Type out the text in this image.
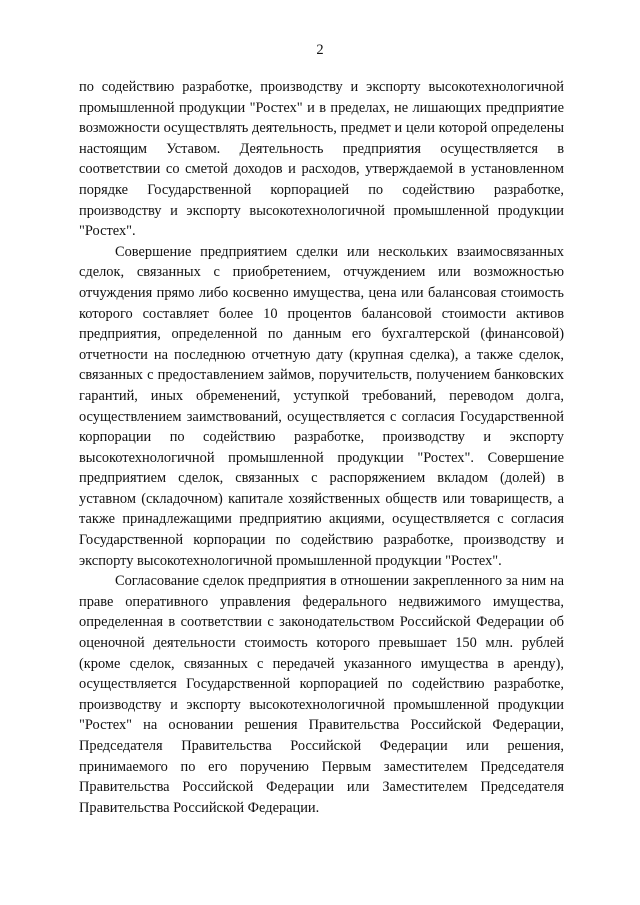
2

по содействию разработке, производству и экспорту высокотехнологичной промышленной продукции "Ростех" и в пределах, не лишающих предприятие возможности осуществлять деятельность, предмет и цели которой определены настоящим Уставом. Деятельность предприятия осуществляется в соответствии со сметой доходов и расходов, утверждаемой в установленном порядке Государственной корпорацией по содействию разработке, производству и экспорту высокотехнологичной промышленной продукции "Ростех".

Совершение предприятием сделки или нескольких взаимосвязанных сделок, связанных с приобретением, отчуждением или возможностью отчуждения прямо либо косвенно имущества, цена или балансовая стоимость которого составляет более 10 процентов балансовой стоимости активов предприятия, определенной по данным его бухгалтерской (финансовой) отчетности на последнюю отчетную дату (крупная сделка), а также сделок, связанных с предоставлением займов, поручительств, получением банковских гарантий, иных обременений, уступкой требований, переводом долга, осуществлением заимствований, осуществляется с согласия Государственной корпорации по содействию разработке, производству и экспорту высокотехнологичной промышленной продукции "Ростех". Совершение предприятием сделок, связанных с распоряжением вкладом (долей) в уставном (складочном) капитале хозяйственных обществ или товариществ, а также принадлежащими предприятию акциями, осуществляется с согласия Государственной корпорации по содействию разработке, производству и экспорту высокотехнологичной промышленной продукции "Ростех".

Согласование сделок предприятия в отношении закрепленного за ним на праве оперативного управления федерального недвижимого имущества, определенная в соответствии с законодательством Российской Федерации об оценочной деятельности стоимость которого превышает 150 млн. рублей (кроме сделок, связанных с передачей указанного имущества в аренду), осуществляется Государственной корпорацией по содействию разработке, производству и экспорту высокотехнологичной промышленной продукции "Ростех" на основании решения Правительства Российской Федерации, Председателя Правительства Российской Федерации или решения, принимаемого по его поручению Первым заместителем Председателя Правительства Российской Федерации или Заместителем Председателя Правительства Российской Федерации.
